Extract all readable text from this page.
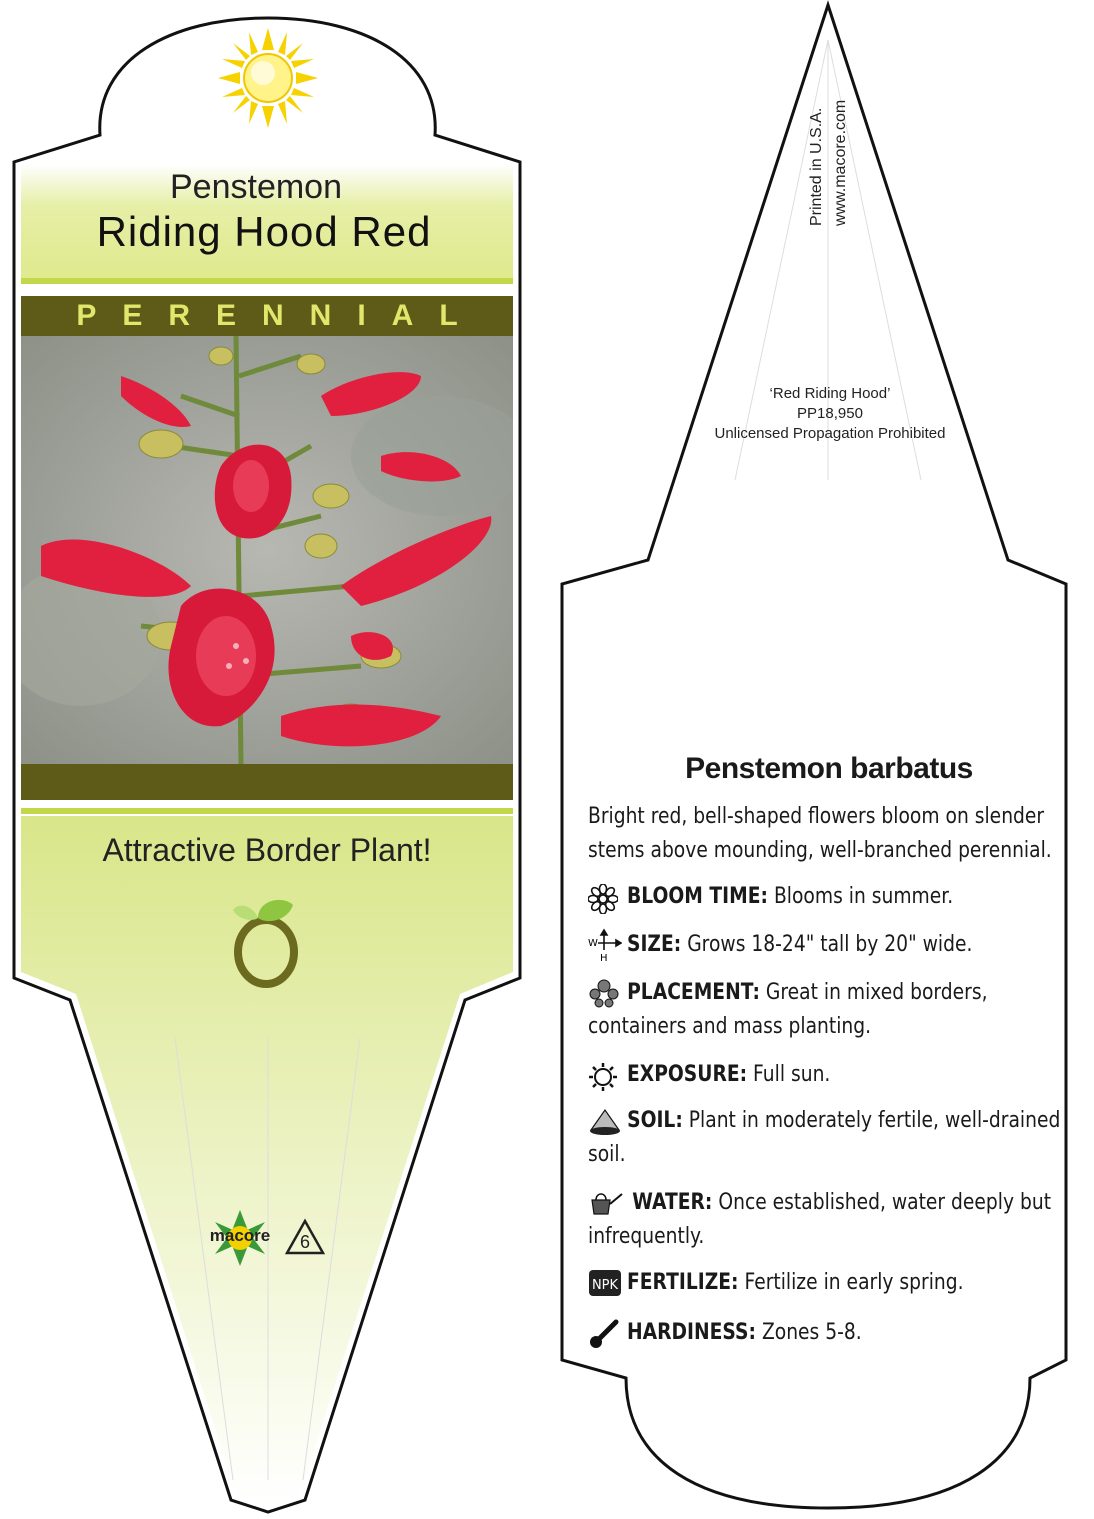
Penstemon
Riding Hood Red
PERENNIAL
Attractive Border Plant!
macore	6
Printed in U.S.A. www.macore.com
‘Red Riding Hood’
PP18,950
Unlicensed Propagation Prohibited
Penstemon barbatus
Bright red, bell-shaped flowers bloom on slender stems above mounding, well-branched perennial.
W
H
NPK
BLOOM TIME: Blooms in summer.
SIZE: Grows 18-24" tall by 20" wide.
PLACEMENT: Great in mixed borders, containers and mass planting.
EXPOSURE: Full sun.
SOIL: Plant in moderately fertile, well-drained soil.
WATER: Once established, water deeply but infrequently.
FERTILIZE: Fertilize in early spring.
HARDINESS: Zones 5-8.
